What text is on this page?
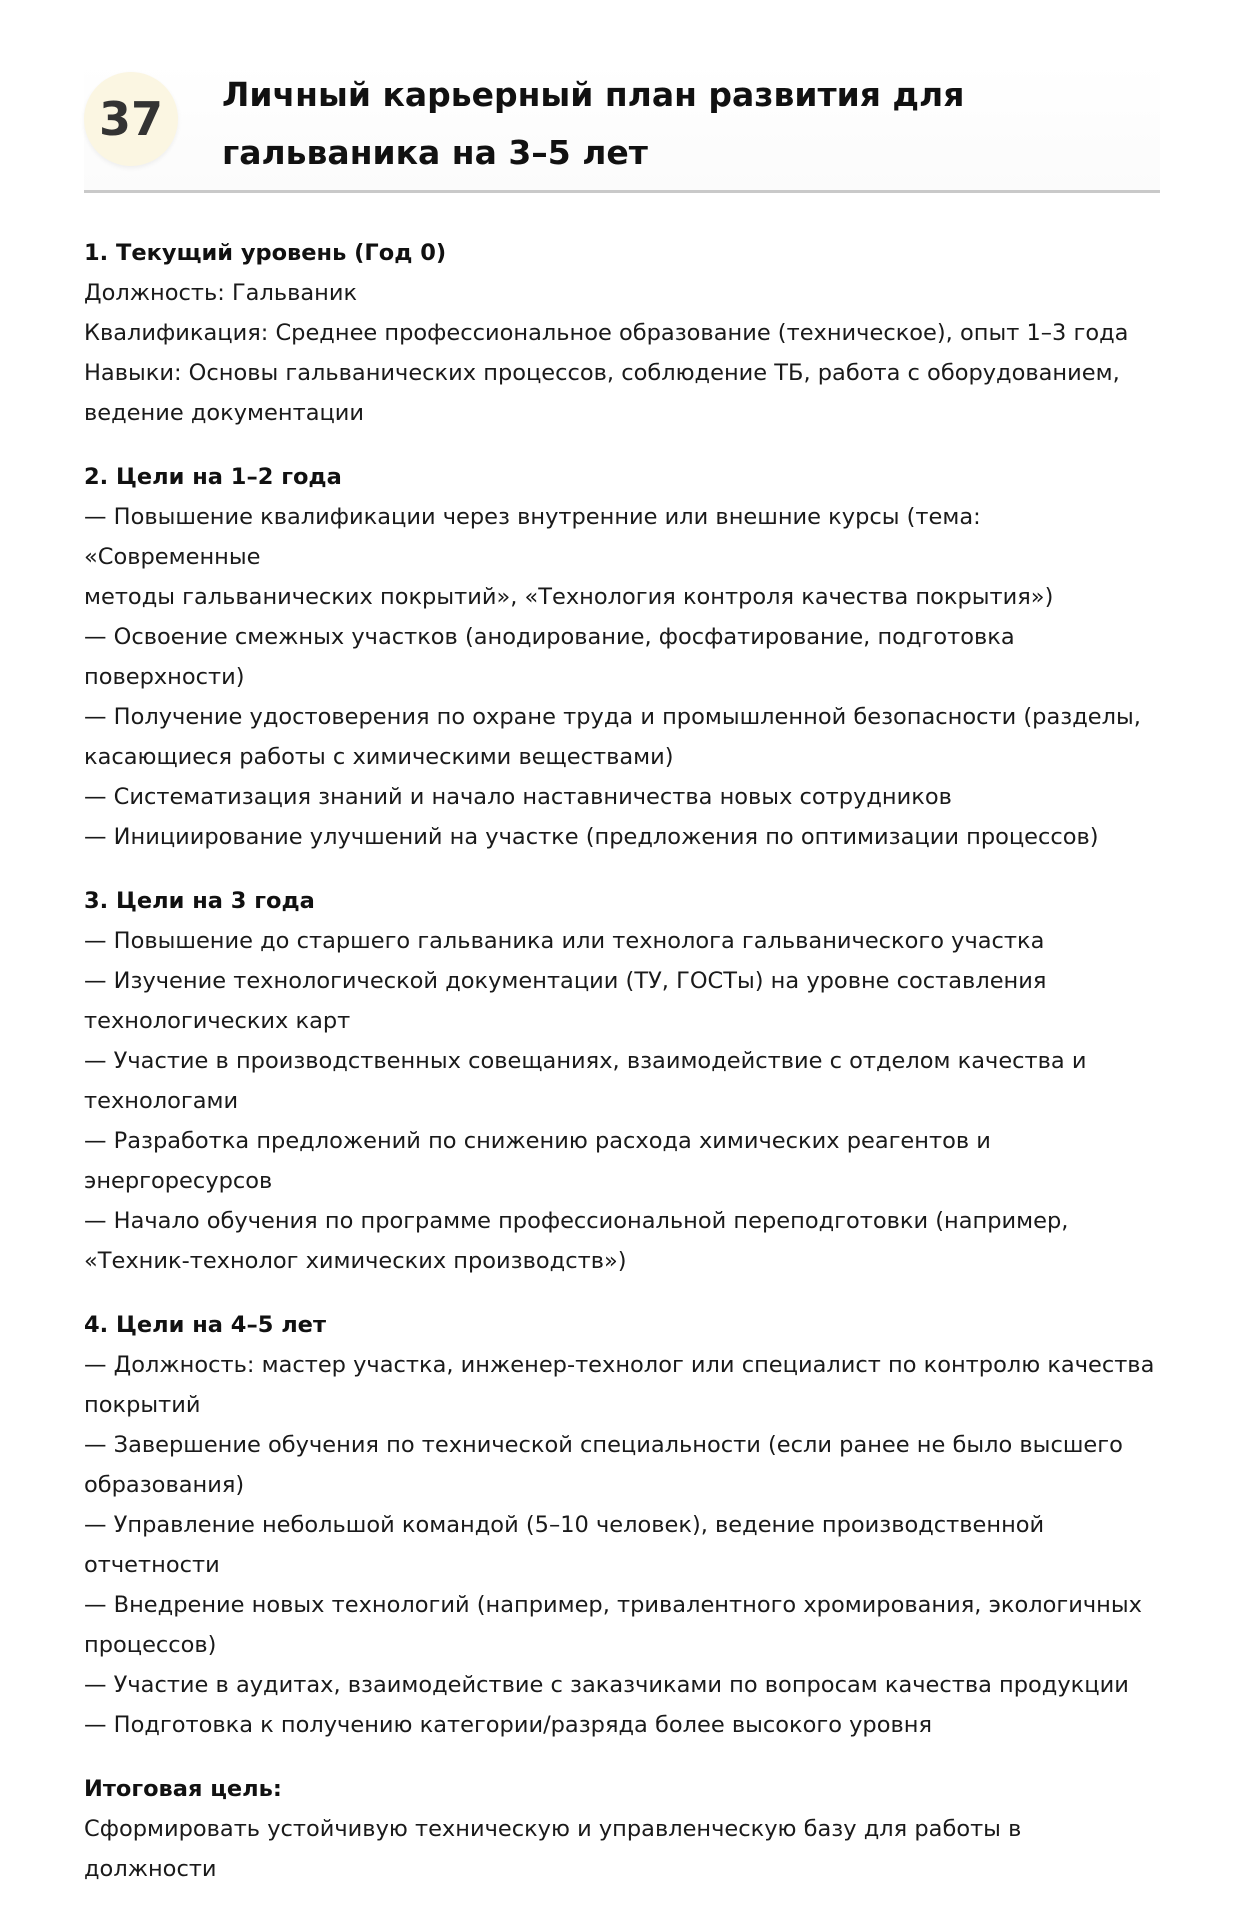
37	Личный карьерный план развития для
гальваника на 3–5 лет

1. Текущий уровень (Год 0)

Должность: Гальваник

Квалификация: Среднее профессиональное образование (техническое), опыт 1–3 года

Навыки: Основы гальванических процессов, соблюдение ТБ, работа с оборудованием,

ведение документации

2. Цели на 1–2 года

— Повышение квалификации через внутренние или внешние курсы (тема: «Современные

методы гальванических покрытий», «Технология контроля качества покрытия»)

— Освоение смежных участков (анодирование, фосфатирование, подготовка поверхности)

— Получение удостоверения по охране труда и промышленной безопасности (разделы,

касающиеся работы с химическими веществами)

— Систематизация знаний и начало наставничества новых сотрудников

— Инициирование улучшений на участке (предложения по оптимизации процессов)

3. Цели на 3 года

— Повышение до старшего гальваника или технолога гальванического участка

— Изучение технологической документации (ТУ, ГОСТы) на уровне составления

технологических карт

— Участие в производственных совещаниях, взаимодействие с отделом качества и

технологами

— Разработка предложений по снижению расхода химических реагентов и энергоресурсов

— Начало обучения по программе профессиональной переподготовки (например,

«Техник-технолог химических производств»)

4. Цели на 4–5 лет

— Должность: мастер участка, инженер-технолог или специалист по контролю качества

покрытий

— Завершение обучения по технической специальности (если ранее не было высшего

образования)

— Управление небольшой командой (5–10 человек), ведение производственной отчетности

— Внедрение новых технологий (например, тривалентного хромирования, экологичных

процессов)

— Участие в аудитах, взаимодействие с заказчиками по вопросам качества продукции

— Подготовка к получению категории/разряда более высокого уровня

Итоговая цель:

Сформировать устойчивую техническую и управленческую базу для работы в должности
